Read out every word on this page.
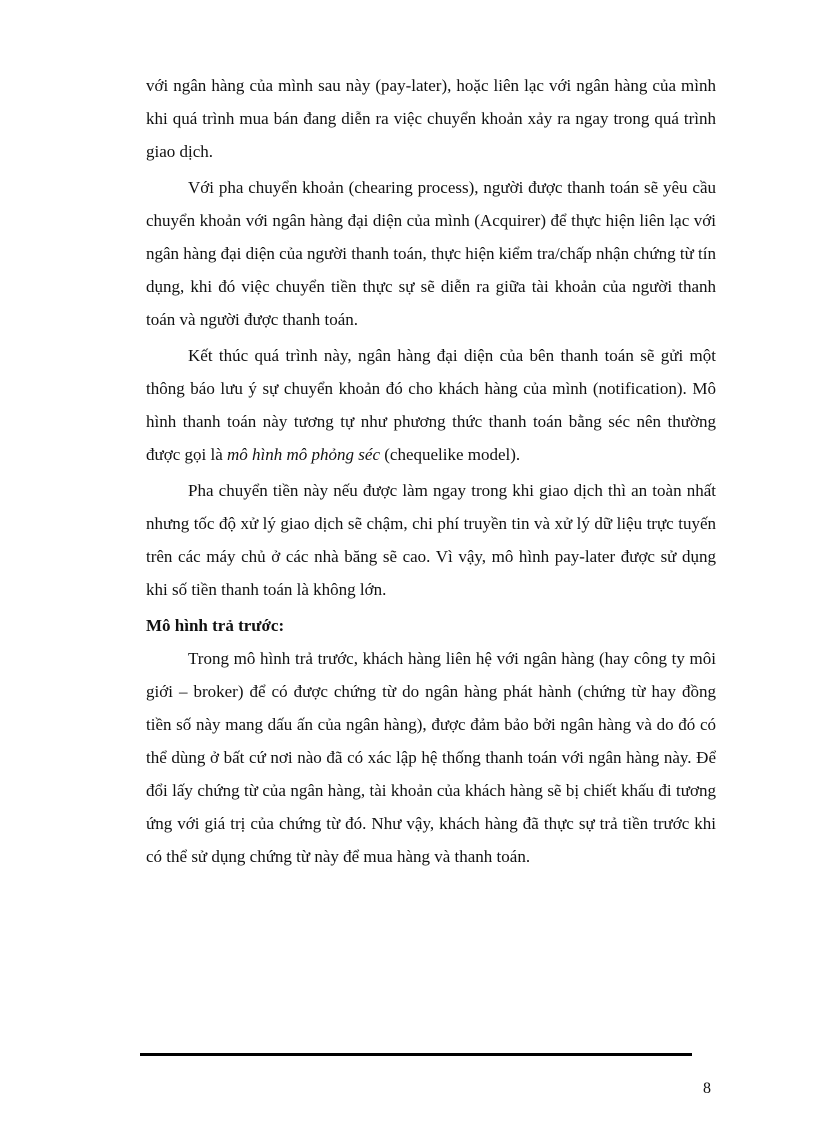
với ngân hàng của mình sau này (pay-later), hoặc liên lạc với ngân hàng của mình khi quá trình mua bán đang diễn ra việc chuyển khoản xảy ra ngay trong quá trình giao dịch.

Với pha chuyển khoản (chearing process), người được thanh toán sẽ yêu cầu chuyển khoản với ngân hàng đại diện của mình (Acquirer) để thực hiện liên lạc với ngân hàng đại diện của người thanh toán, thực hiện kiểm tra/chấp nhận chứng từ tín dụng, khi đó việc chuyển tiền thực sự sẽ diễn ra giữa tài khoản của người thanh toán và người được thanh toán.

Kết thúc quá trình này, ngân hàng đại diện của bên thanh toán sẽ gửi một thông báo lưu ý sự chuyển khoản đó cho khách hàng của mình (notification). Mô hình thanh toán này tương tự như phương thức thanh toán bằng séc nên thường được gọi là mô hình mô phỏng séc (chequelike model).

Pha chuyển tiền này nếu được làm ngay trong khi giao dịch thì an toàn nhất nhưng tốc độ xử lý giao dịch sẽ chậm, chi phí truyền tin và xử lý dữ liệu trực tuyến trên các máy chủ ở các nhà băng sẽ cao. Vì vậy, mô hình pay-later được sử dụng khi số tiền thanh toán là không lớn.

Mô hình trả trước:

Trong mô hình trả trước, khách hàng liên hệ với ngân hàng (hay công ty môi giới – broker) để có được chứng từ do ngân hàng phát hành (chứng từ hay đồng tiền số này mang dấu ấn của ngân hàng), được đảm bảo bởi ngân hàng và do đó có thể dùng ở bất cứ nơi nào đã có xác lập hệ thống thanh toán với ngân hàng này. Để đổi lấy chứng từ của ngân hàng, tài khoản của khách hàng sẽ bị chiết khấu đi tương ứng với giá trị của chứng từ đó. Như vậy, khách hàng đã thực sự trả tiền trước khi có thể sử dụng chứng từ này để mua hàng và thanh toán.

8
